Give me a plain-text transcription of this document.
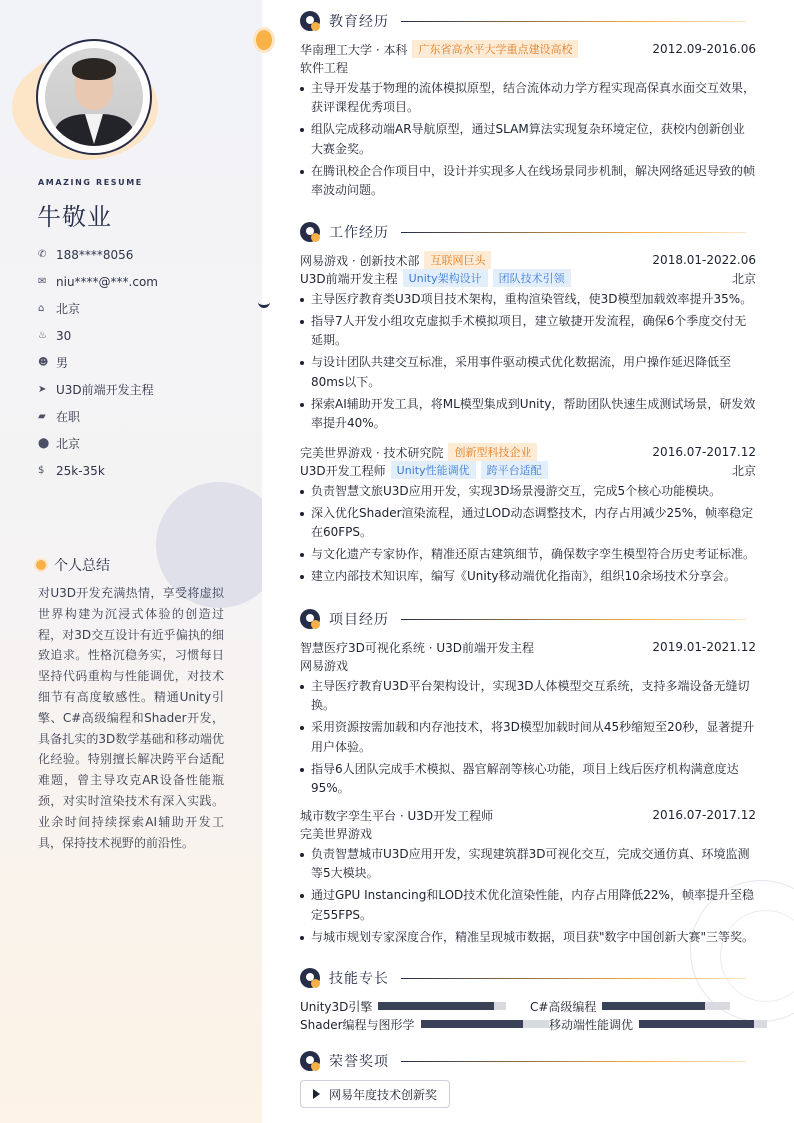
AMAZING RESUME
牛敬业
✆ 188****8056
✉ niu****@***.com
⌂ 北京
♨ 30
☻ 男
➤ U3D前端开发主程
▰ 在职
⬤ 北京
$ 25k-35k
个人总结
对U3D开发充满热情，享受将虚拟世界构建为沉浸式体验的创造过程，对3D交互设计有近乎偏执的细致追求。性格沉稳务实，习惯每日坚持代码重构与性能调优，对技术细节有高度敏感性。精通Unity引擎、C#高级编程和Shader开发，具备扎实的3D数学基础和移动端优化经验。特别擅长解决跨平台适配难题，曾主导攻克AR设备性能瓶颈，对实时渲染技术有深入实践。业余时间持续探索AI辅助开发工具，保持技术视野的前沿性。
教育经历
华南理工大学 · 本科	广东省高水平大学重点建设高校	2012.09-2016.06
软件工程
主导开发基于物理的流体模拟原型，结合流体动力学方程实现高保真水面交互效果，获评课程优秀项目。
组队完成移动端AR导航原型，通过SLAM算法实现复杂环境定位，获校内创新创业大赛金奖。
在腾讯校企合作项目中，设计并实现多人在线场景同步机制，解决网络延迟导致的帧率波动问题。
工作经历
网易游戏 · 创新技术部	互联网巨头	2018.01-2022.06
U3D前端开发主程	Unity架构设计	团队技术引领	北京
主导医疗教育类U3D项目技术架构，重构渲染管线，使3D模型加载效率提升35%。
指导7人开发小组攻克虚拟手术模拟项目，建立敏捷开发流程，确保6个季度交付无延期。
与设计团队共建交互标准，采用事件驱动模式优化数据流，用户操作延迟降低至80ms以下。
探索AI辅助开发工具，将ML模型集成到Unity，帮助团队快速生成测试场景，研发效率提升40%。
完美世界游戏 · 技术研究院	创新型科技企业	2016.07-2017.12
U3D开发工程师	Unity性能调优	跨平台适配	北京
负责智慧文旅U3D应用开发，实现3D场景漫游交互，完成5个核心功能模块。
深入优化Shader渲染流程，通过LOD动态调整技术，内存占用减少25%，帧率稳定在60FPS。
与文化遗产专家协作，精准还原古建筑细节，确保数字孪生模型符合历史考证标准。
建立内部技术知识库，编写《Unity移动端优化指南》，组织10余场技术分享会。
项目经历
智慧医疗3D可视化系统 · U3D前端开发主程	2019.01-2021.12
网易游戏
主导医疗教育U3D平台架构设计，实现3D人体模型交互系统，支持多端设备无缝切换。
采用资源按需加载和内存池技术，将3D模型加载时间从45秒缩短至20秒，显著提升用户体验。
指导6人团队完成手术模拟、器官解剖等核心功能，项目上线后医疗机构满意度达95%。
城市数字孪生平台 · U3D开发工程师	2016.07-2017.12
完美世界游戏
负责智慧城市U3D应用开发，实现建筑群3D可视化交互，完成交通仿真、环境监测等5大模块。
通过GPU Instancing和LOD技术优化渲染性能，内存占用降低22%，帧率提升至稳定55FPS。
与城市规划专家深度合作，精准呈现城市数据，项目获"数字中国创新大赛"三等奖。
技能专长
Unity3D引擎	C#高级编程
Shader编程与图形学	移动端性能调优
荣誉奖项
网易年度技术创新奖
